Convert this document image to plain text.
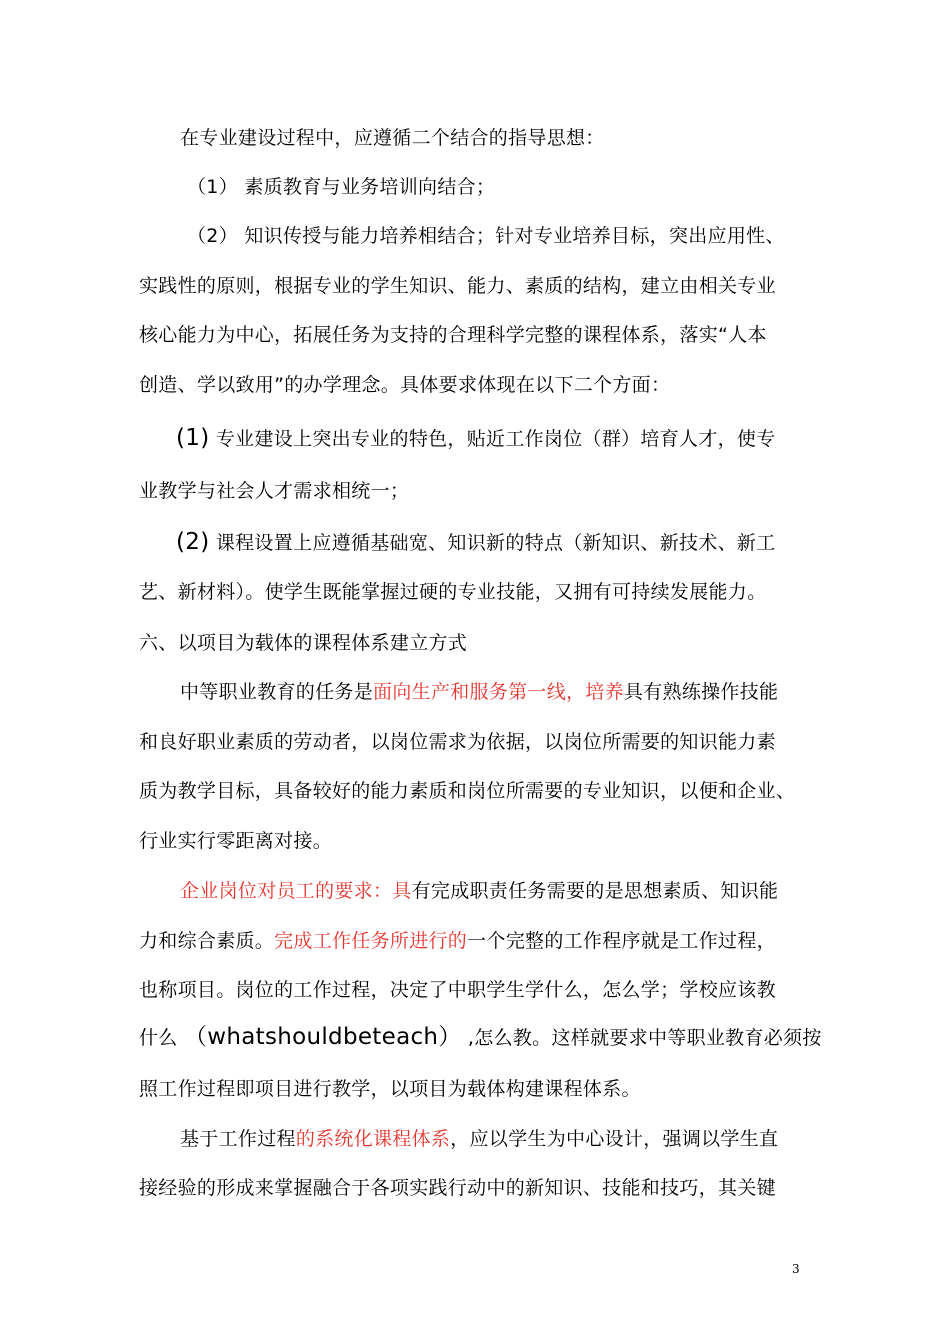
在专业建设过程中，应遵循二个结合的指导思想：
（1） 素质教育与业务培训向结合；
（2） 知识传授与能力培养相结合；针对专业培养目标，突出应用性、
实践性的原则，根据专业的学生知识、能力、素质的结构，建立由相关专业
核心能力为中心，拓展任务为支持的合理科学完整的课程体系，落实“人本
创造、学以致用”的办学理念。具体要求体现在以下二个方面：
(1) 专业建设上突出专业的特色，贴近工作岗位（群）培育人才，使专
业教学与社会人才需求相统一；
(2) 课程设置上应遵循基础宽、知识新的特点（新知识、新技术、新工
艺、新材料）。使学生既能掌握过硬的专业技能，又拥有可持续发展能力。
六、以项目为载体的课程体系建立方式
中等职业教育的任务是面向生产和服务第一线，培养具有熟练操作技能
和良好职业素质的劳动者，以岗位需求为依据，以岗位所需要的知识能力素
质为教学目标，具备较好的能力素质和岗位所需要的专业知识，以便和企业、
行业实行零距离对接。
企业岗位对员工的要求：具有完成职责任务需要的是思想素质、知识能
力和综合素质。完成工作任务所进行的一个完整的工作程序就是工作过程，
也称项目。岗位的工作过程，决定了中职学生学什么，怎么学；学校应该教
什么 （whatshouldbeteach） ,怎么教。这样就要求中等职业教育必须按
照工作过程即项目进行教学，以项目为载体构建课程体系。
基于工作过程的系统化课程体系，应以学生为中心设计，强调以学生直
接经验的形成来掌握融合于各项实践行动中的新知识、技能和技巧，其关键
3
